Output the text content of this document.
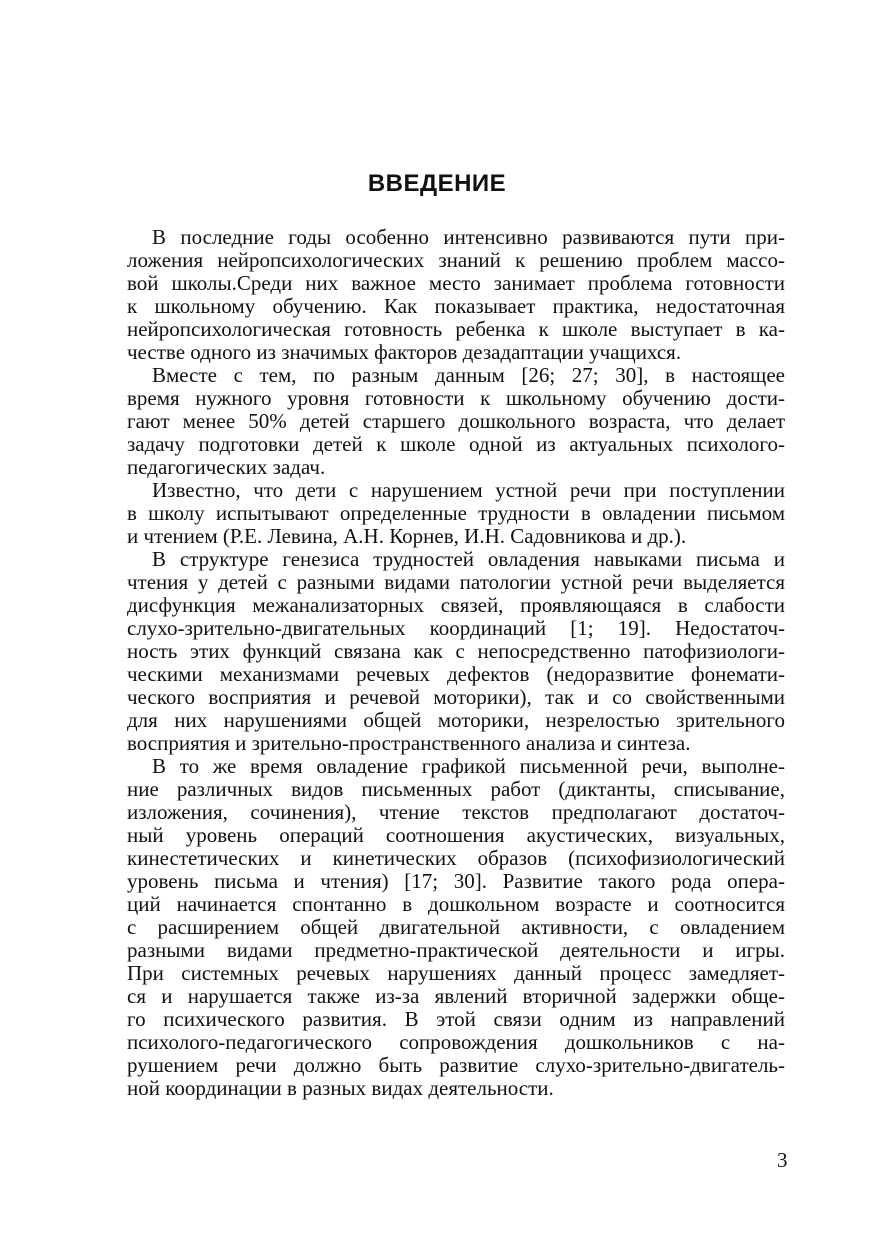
ВВЕДЕНИЕ
В последние годы особенно интенсивно развиваются пути при-
ложения нейропсихологических знаний к решению проблем массо-
вой школы.Среди них важное место занимает проблема готовности
к школьному обучению. Как показывает практика, недостаточная
нейропсихологическая готовность ребенка к школе выступает в ка-
честве одного из значимых факторов дезадаптации учащихся.
Вместе с тем, по разным данным [26; 27; 30], в настоящее
время нужного уровня готовности к школьному обучению дости-
гают менее 50% детей старшего дошкольного возраста, что делает
задачу подготовки детей к школе одной из актуальных психолого-
педагогических задач.
Известно, что дети с нарушением устной речи при поступлении
в школу испытывают определенные трудности в овладении письмом
и чтением (Р.Е. Левина, А.Н. Корнев, И.Н. Садовникова и др.).
В структуре генезиса трудностей овладения навыками письма и
чтения у детей с разными видами патологии устной речи выделяется
дисфункция межанализаторных связей, проявляющаяся в слабости
слухо-зрительно-двигательных координаций [1; 19]. Недостаточ-
ность этих функций связана как с непосредственно патофизиологи-
ческими механизмами речевых дефектов (недоразвитие фонемати-
ческого восприятия и речевой моторики), так и со свойственными
для них нарушениями общей моторики, незрелостью зрительного
восприятия и зрительно-пространственного анализа и синтеза.
В то же время овладение графикой письменной речи, выполне-
ние различных видов письменных работ (диктанты, списывание,
изложения, сочинения), чтение текстов предполагают достаточ-
ный уровень операций соотношения акустических, визуальных,
кинестетических и кинетических образов (психофизиологический
уровень письма и чтения) [17; 30]. Развитие такого рода опера-
ций начинается спонтанно в дошкольном возрасте и соотносится
с расширением общей двигательной активности, с овладением
разными видами предметно-практической деятельности и игры.
При системных речевых нарушениях данный процесс замедляет-
ся и нарушается также из-за явлений вторичной задержки обще-
го психического развития. В этой связи одним из направлений
психолого-педагогического сопровождения дошкольников с на-
рушением речи должно быть развитие слухо-зрительно-двигатель-
ной координации в разных видах деятельности.
3
